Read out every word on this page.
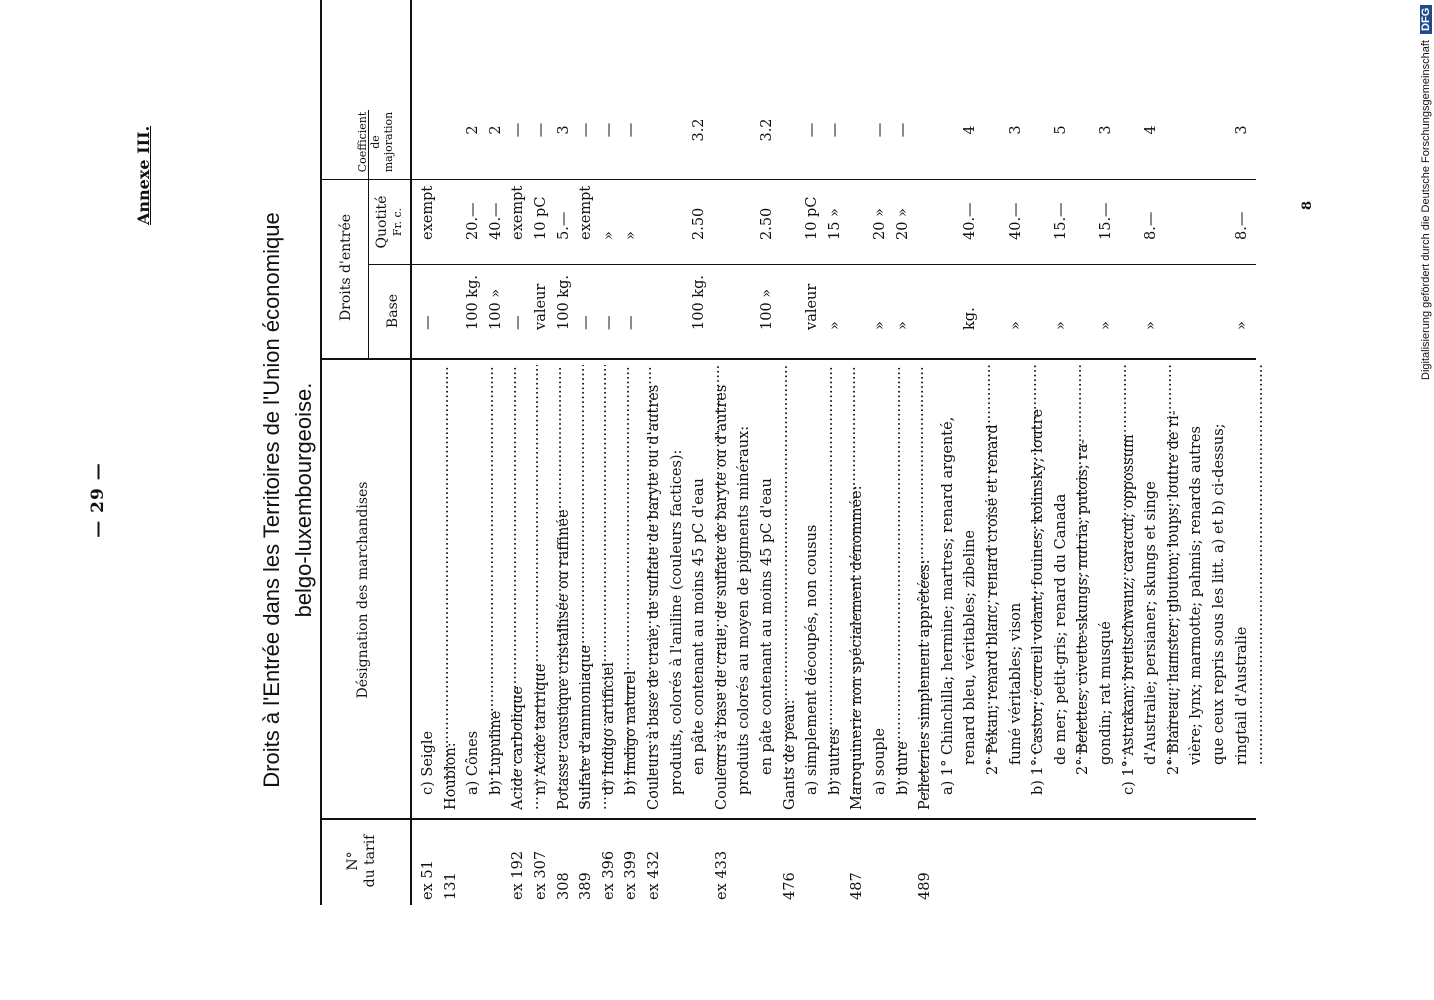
— 29 —
Annexe III.
Droits à l'Entrée dans les Territoires de l'Union économique belgo-luxembourgeoise.
N° du tarif
Désignation des marchandises
Droits d'entrée Base
Quotité Fr. c.
Coefficient de majoration
ex 51
c) Seigle .....
—
exempt
131
Houblon: a) Cônes .....
100 kg.
20.—
2
b) Lupuline .....
100 »
40.—
2
ex 192
Acide carbolique .....
—
exempt
—
ex 307
n) Acide tartrique .....
valeur
10 pC
—
308
Potasse caustique cristallisée ou raffinée .....
100 kg.
5.—
3
389
Sulfate d'ammoniaque .....
—
exempt
—
ex 396
d) Indigo artificiel .....
—
»
—
ex 399
b) Indigo naturel .....
—
»
—
ex 432
Couleurs à base de craie, de sulfate de baryte ou d'autres produits, colorés à l'aniline (couleurs factices): en pâte contenant au moins 45 pC d'eau .....
100 kg.
2.50
3.2
ex 433
Couleurs à base de craie, de sulfate de baryte ou d'autres produits colorés au moyen de pigments minéraux: en pâte contenant au moins 45 pC d'eau .....
100 »
2.50
3.2
476
Gants de peau: a) simplement découpés, non cousus .....
valeur
10 pC
—
b) autres .....
»
15 »
—
487
Maroquinerie non spécialement dénommée: a) souple .....
»
20 »
—
b) dure .....
»
20 »
—
489
Pelleteries simplement apprêtées: a) 1° Chinchilla; hermine; martres; renard argenté, renard bleu, véritables; zibeline .....
kg.
40.—
4
2° Pékan; renard blanc, renard croisé et renard fumé véritables; vison .....
»
40.—
3
b) 1° Castor; écureil volant; fouines; kolinsky; loutre de mer; petit-gris; renard du Canada .....
»
15.—
5
2° Belettes; civette-skungs; nutria; putois; ra- gondin; rat musqué .....
»
15.—
3
c) 1° Astrakan; breitschwanz; caracul; oppossum d'Australie; persianer; skungs et singe .....
»
8.—
4
2° Blaireau; hamster; glouton; loups; loutre de ri- vière; lynx; marmotte; pahmis; renards autres que ceux repris sous les litt. a) et b) ci-dessus; ringtail d'Australie .....
»
8.—
3
8	Digitalisierung gefördert durch die Deutsche Forschungsgemeinschaft DFG
